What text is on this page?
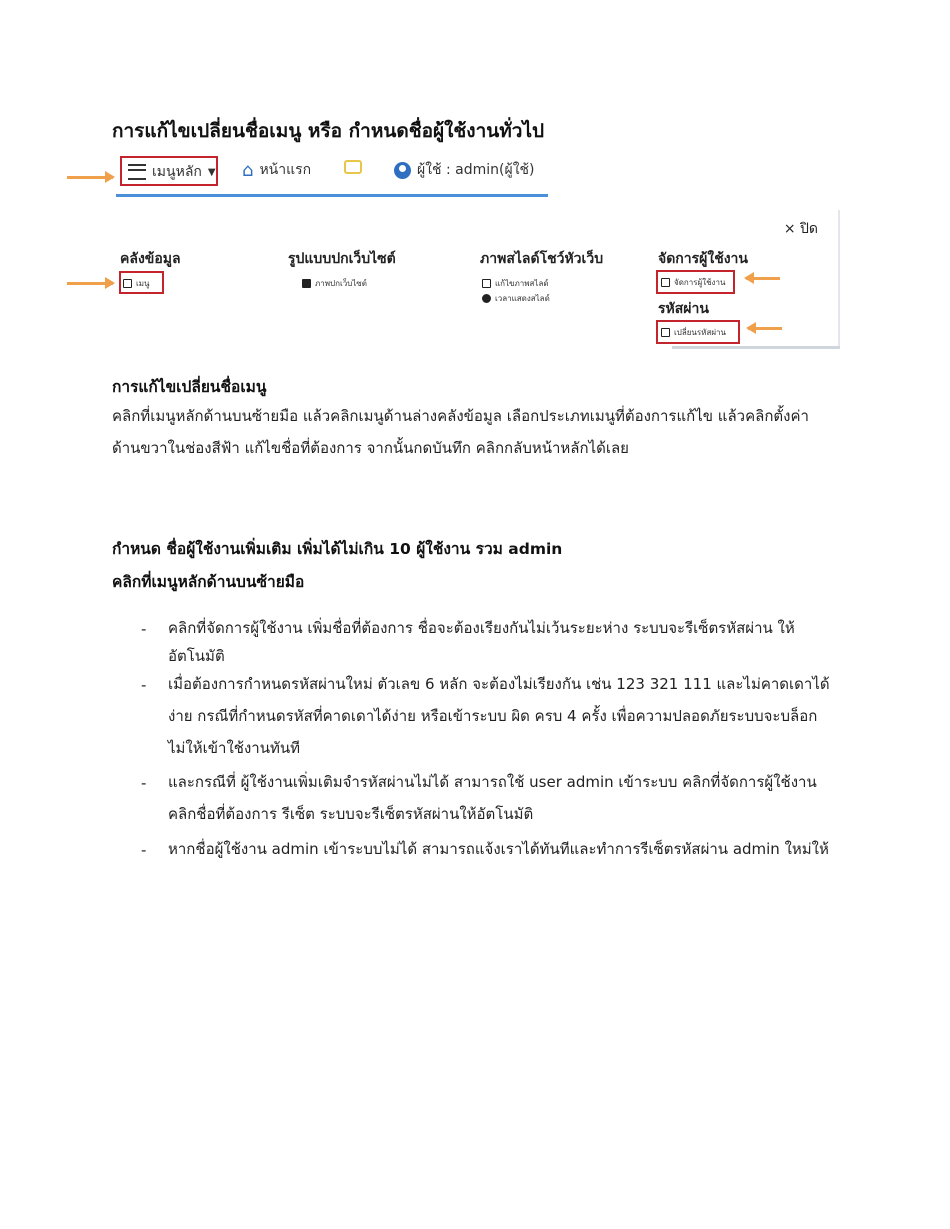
การแก้ไขเปลี่ยนชื่อเมนู หรือ กำหนดชื่อผู้ใช้งานทั่วไป
เมนูหลัก ▼ ⌂ หน้าแรก	ผู้ใช้ : admin(ผู้ใช้)
× ปิด
คลังข้อมูล
เมนู
รูปแบบปกเว็บไซต์
ภาพปกเว็บไซต์
ภาพสไลด์โชว์หัวเว็บ
แก้ไขภาพสไลด์
เวลาแสดงสไลด์
จัดการผู้ใช้งาน
จัดการผู้ใช้งาน
รหัสผ่าน
เปลี่ยนรหัสผ่าน
การแก้ไขเปลี่ยนชื่อเมนู
คลิกที่เมนูหลักด้านบนซ้ายมือ แล้วคลิกเมนูด้านล่างคลังข้อมูล เลือกประเภทเมนูที่ต้องการแก้ไข แล้วคลิกตั้งค่า
ด้านขวาในช่องสีฟ้า แก้ไขชื่อที่ต้องการ จากนั้นกดบันทึก คลิกกลับหน้าหลักได้เลย
กำหนด ชื่อผู้ใช้งานเพิ่มเติม เพิ่มได้ไม่เกิน 10 ผู้ใช้งาน รวม admin
คลิกที่เมนูหลักด้านบนซ้ายมือ
- คลิกที่จัดการผู้ใช้งาน เพิ่มชื่อที่ต้องการ ชื่อจะต้องเรียงกันไม่เว้นระยะห่าง ระบบจะรีเซ็ตรหัสผ่าน ให้
อัตโนมัติ
- เมื่อต้องการกำหนดรหัสผ่านใหม่ ตัวเลข 6 หลัก จะต้องไม่เรียงกัน เช่น 123 321 111 และไม่คาดเดาได้
ง่าย กรณีที่กำหนดรหัสที่คาดเดาได้ง่าย หรือเข้าระบบ ผิด ครบ 4 ครั้ง เพื่อความปลอดภัยระบบจะบล็อก
ไม่ให้เข้าใช้งานทันที
- และกรณีที่ ผู้ใช้งานเพิ่มเติมจำรหัสผ่านไม่ได้ สามารถใช้ user admin เข้าระบบ คลิกที่จัดการผู้ใช้งาน
คลิกชื่อที่ต้องการ รีเซ็ต ระบบจะรีเซ็ตรหัสผ่านให้อัตโนมัติ
- หากชื่อผู้ใช้งาน admin เข้าระบบไม่ได้ สามารถแจ้งเราได้ทันทีและทำการรีเซ็ตรหัสผ่าน admin ใหม่ให้
